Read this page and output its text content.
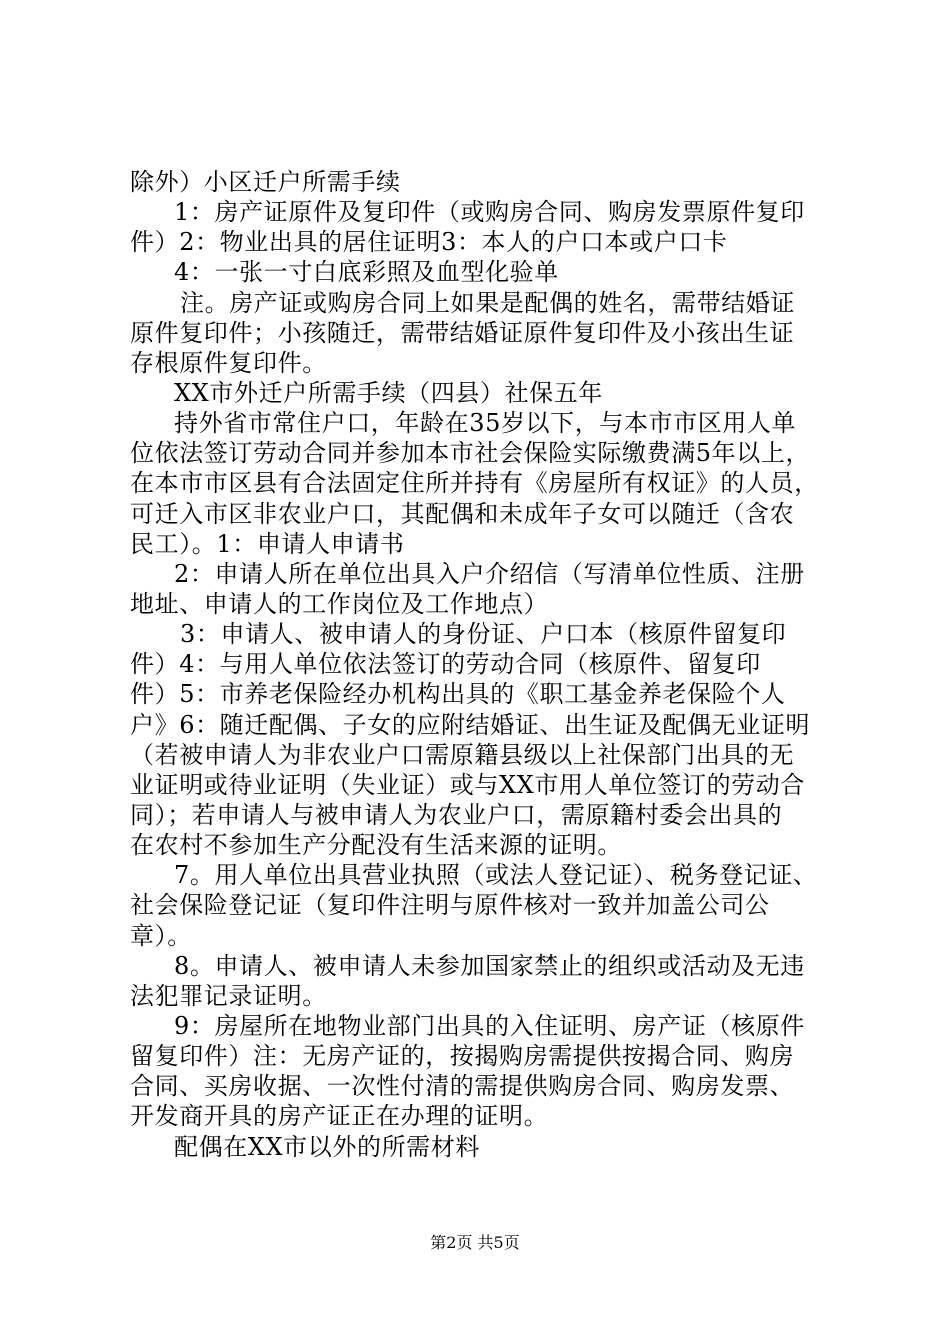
除外）小区迁户所需手续
1：房产证原件及复印件（或购房合同、购房发票原件复印
件）2：物业出具的居住证明3：本人的户口本或户口卡
4：一张一寸白底彩照及血型化验单
注。房产证或购房合同上如果是配偶的姓名，需带结婚证
原件复印件；小孩随迁，需带结婚证原件复印件及小孩出生证
存根原件复印件。
XX市外迁户所需手续（四县）社保五年
持外省市常住户口，年龄在35岁以下，与本市市区用人单
位依法签订劳动合同并参加本市社会保险实际缴费满5年以上，
在本市市区县有合法固定住所并持有《房屋所有权证》的人员，
可迁入市区非农业户口，其配偶和未成年子女可以随迁（含农
民工）。1：申请人申请书
2：申请人所在单位出具入户介绍信（写清单位性质、注册
地址、申请人的工作岗位及工作地点）
3：申请人、被申请人的身份证、户口本（核原件留复印
件）4：与用人单位依法签订的劳动合同（核原件、留复印
件）5：市养老保险经办机构出具的《职工基金养老保险个人
户》6：随迁配偶、子女的应附结婚证、出生证及配偶无业证明
（若被申请人为非农业户口需原籍县级以上社保部门出具的无
业证明或待业证明（失业证）或与XX市用人单位签订的劳动合
同）；若申请人与被申请人为农业户口，需原籍村委会出具的
在农村不参加生产分配没有生活来源的证明。
7。用人单位出具营业执照（或法人登记证）、税务登记证、
社会保险登记证（复印件注明与原件核对一致并加盖公司公
章）。
8。申请人、被申请人未参加国家禁止的组织或活动及无违
法犯罪记录证明。
9：房屋所在地物业部门出具的入住证明、房产证（核原件
留复印件）注：无房产证的，按揭购房需提供按揭合同、购房
合同、买房收据、一次性付清的需提供购房合同、购房发票、
开发商开具的房产证正在办理的证明。
配偶在XX市以外的所需材料
第2页 共5页
